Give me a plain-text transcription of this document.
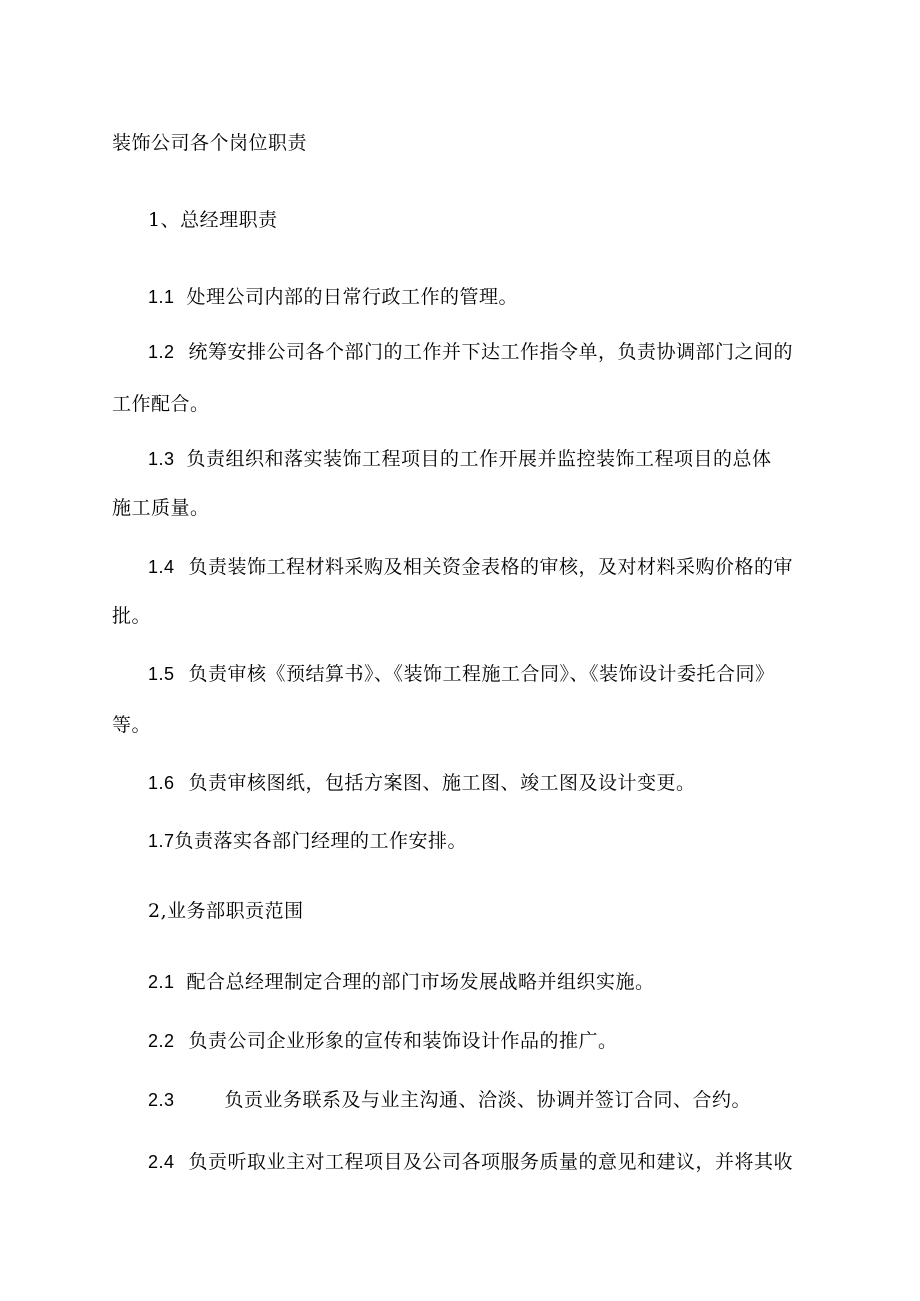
装饰公司各个岗位职责
1、总经理职责
1.1 处理公司内部的日常行政工作的管理。
1.2 统筹安排公司各个部门的工作并下达工作指令单，负责协调部门之间的
工作配合。
1.3 负责组织和落实装饰工程项目的工作开展并监控装饰工程项目的总体
施工质量。
1.4 负责装饰工程材料采购及相关资金表格的审核，及对材料采购价格的审
批。
1.5 负责审核《预结算书》、《装饰工程施工合同》、《装饰设计委托合同》
等。
1.6 负责审核图纸，包括方案图、施工图、竣工图及设计变更。
1.7负责落实各部门经理的工作安排。
2,业务部职贡范围
2.1 配合总经理制定合理的部门市场发展战略并组织实施。
2.2 负责公司企业形象的宣传和装饰设计作品的推广。
2.3	负贡业务联系及与业主沟通、洽淡、协调并签订合同、合约。
2.4 负贡听取业主对工程项目及公司各项服务质量的意见和建议，并将其收
